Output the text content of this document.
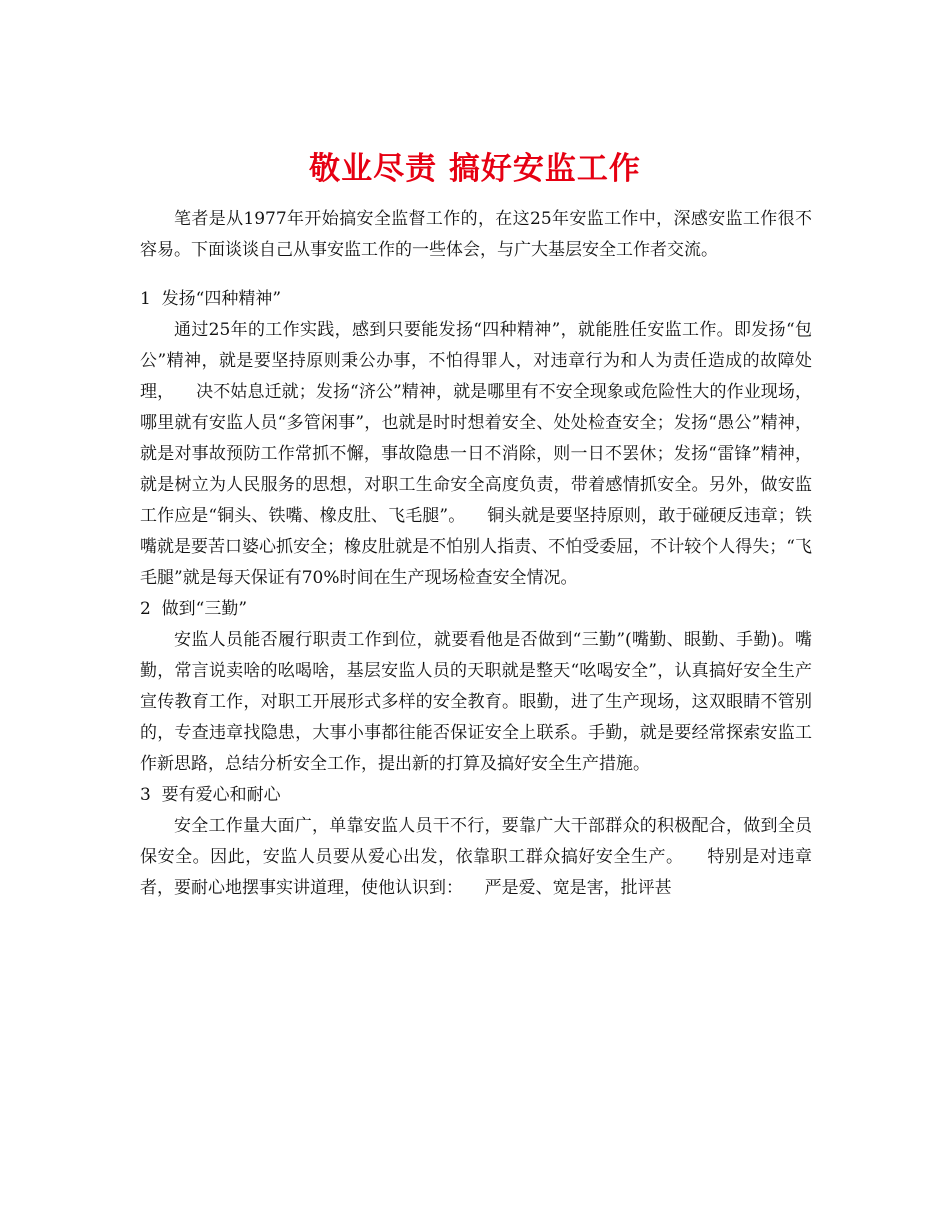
敬业尽责 搞好安监工作

笔者是从1977年开始搞安全监督工作的，在这25年安监工作中，深感安监工作很不容易。下面谈谈自己从事安监工作的一些体会，与广大基层安全工作者交流。

1  发扬“四种精神”

通过25年的工作实践，感到只要能发扬“四种精神”，就能胜任安监工作。即发扬“包公”精神，就是要坚持原则秉公办事，不怕得罪人，对违章行为和人为责任造成的故障处理，    决不姑息迁就；发扬“济公”精神，就是哪里有不安全现象或危险性大的作业现场，哪里就有安监人员“多管闲事”，也就是时时想着安全、处处检查安全；发扬“愚公”精神，就是对事故预防工作常抓不懈，事故隐患一日不消除，则一日不罢休；发扬“雷锋”精神，就是树立为人民服务的思想，对职工生命安全高度负责，带着感情抓安全。另外，做安监工作应是“铜头、铁嘴、橡皮肚、飞毛腿”。    铜头就是要坚持原则，敢于碰硬反违章；铁嘴就是要苦口婆心抓安全；橡皮肚就是不怕别人指责、不怕受委屈，不计较个人得失；“飞毛腿”就是每天保证有70%时间在生产现场检查安全情况。

2  做到“三勤”

安监人员能否履行职责工作到位，就要看他是否做到“三勤”(嘴勤、眼勤、手勤)。嘴勤，常言说卖啥的吆喝啥，基层安监人员的天职就是整天“吆喝安全”，认真搞好安全生产宣传教育工作，对职工开展形式多样的安全教育。眼勤，进了生产现场，这双眼睛不管别的，专查违章找隐患，大事小事都往能否保证安全上联系。手勤，就是要经常探索安监工作新思路，总结分析安全工作，提出新的打算及搞好安全生产措施。

3  要有爱心和耐心

安全工作量大面广，单靠安监人员干不行，要靠广大干部群众的积极配合，做到全员保安全。因此，安监人员要从爱心出发，依靠职工群众搞好安全生产。    特别是对违章者，要耐心地摆事实讲道理，使他认识到：    严是爱、宽是害，批评甚
